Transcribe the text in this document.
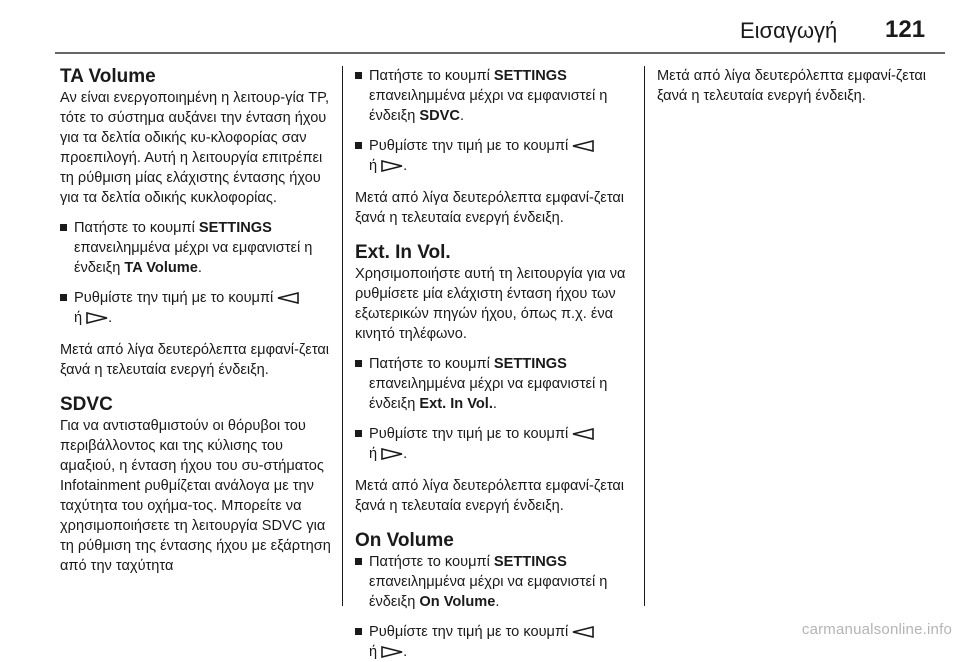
Εισαγωγή 121
TA Volume

Αν είναι ενεργοποιημένη η λειτουρ-γία TP, τότε το σύστημα αυξάνει την ένταση ήχου για τα δελτία οδικής κυ-κλοφορίας σαν προεπιλογή. Αυτή η λειτουργία επιτρέπει τη ρύθμιση μίας ελάχιστης έντασης ήχου για τα δελτία οδικής κυκλοφορίας.

Πατήστε το κουμπί SETTINGS επανειλημμένα μέχρι να εμφανιστεί η ένδειξη TA Volume.
Ρυθμίστε την τιμή με το κουμπί
ή .

Μετά από λίγα δευτερόλεπτα εμφανί-ζεται ξανά η τελευταία ενεργή ένδειξη.

SDVC

Για να αντισταθμιστούν οι θόρυβοι του περιβάλλοντος και της κύλισης του αμαξιού, η ένταση ήχου του συ-στήματος Infotainment ρυθμίζεται ανάλογα με την ταχύτητα του οχήμα-τος. Μπορείτε να χρησιμοποιήσετε τη λειτουργία SDVC για τη ρύθμιση της έντασης ήχου με εξάρτηση από την ταχύτητα

Πατήστε το κουμπί SETTINGS επανειλημμένα μέχρι να εμφανιστεί η ένδειξη SDVC.
Ρυθμίστε την τιμή με το κουμπί
ή .

Μετά από λίγα δευτερόλεπτα εμφανί-ζεται ξανά η τελευταία ενεργή ένδειξη.

Ext. In Vol.

Χρησιμοποιήστε αυτή τη λειτουργία για να ρυθμίσετε μία ελάχιστη ένταση ήχου των εξωτερικών πηγών ήχου, όπως π.χ. ένα κινητό τηλέφωνο.

Πατήστε το κουμπί SETTINGS επανειλημμένα μέχρι να εμφανιστεί η ένδειξη Ext. In Vol..
Ρυθμίστε την τιμή με το κουμπί
ή .

Μετά από λίγα δευτερόλεπτα εμφανί-ζεται ξανά η τελευταία ενεργή ένδειξη.

On Volume
Πατήστε το κουμπί SETTINGS επανειλημμένα μέχρι να εμφανιστεί η ένδειξη On Volume.
Ρυθμίστε την τιμή με το κουμπί
ή .

Μετά από λίγα δευτερόλεπτα εμφανί-ζεται ξανά η τελευταία ενεργή ένδειξη.

carmanualsonline.info
